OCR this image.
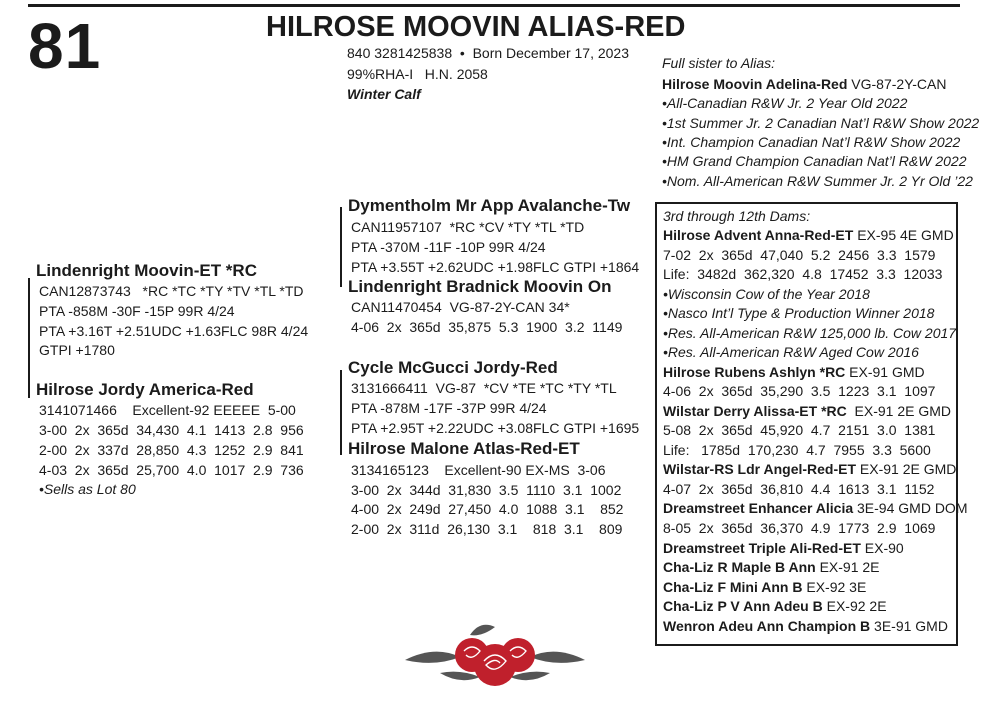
81	HILROSE MOOVIN ALIAS-RED
840 3281425838  •  Born December 17, 2023
99%RHA-I   H.N. 2058
Winter Calf
Full sister to Alias:
Hilrose Moovin Adelina-Red VG-87-2Y-CAN
•All-Canadian R&W Jr. 2 Year Old 2022
•1st Summer Jr. 2 Canadian Nat’l R&W Show 2022
•Int. Champion Canadian Nat’l R&W Show 2022
•HM Grand Champion Canadian Nat’l R&W 2022
•Nom. All-American R&W Summer Jr. 2 Yr Old ’22
Lindenright Moovin-ET *RC
CAN12873743   *RC *TC *TY *TV *TL *TD
PTA -858M -30F -15P 99R 4/24
PTA +3.16T +2.51UDC +1.63FLC 98R 4/24
GTPI +1780
Hilrose Jordy America-Red
3141071466    Excellent-92 EEEEE  5-00
3-00  2x  365d  34,430  4.1  1413  2.8  956
2-00  2x  337d  28,850  4.3  1252  2.9  841
4-03  2x  365d  25,700  4.0  1017  2.9  736
•Sells as Lot 80
Dymentholm Mr App Avalanche-Tw
CAN11957107  *RC *CV *TY *TL *TD
PTA -370M -11F -10P 99R 4/24
PTA +3.55T +2.62UDC +1.98FLC GTPI +1864
Lindenright Bradnick Moovin On
CAN11470454  VG-87-2Y-CAN 34*
4-06  2x  365d  35,875  5.3  1900  3.2  1149
Cycle McGucci Jordy-Red
3131666411  VG-87  *CV *TE *TC *TY *TL
PTA -878M -17F -37P 99R 4/24
PTA +2.95T +2.22UDC +3.08FLC GTPI +1695
Hilrose Malone Atlas-Red-ET
3134165123    Excellent-90 EX-MS  3-06
3-00  2x  344d  31,830  3.5  1110  3.1  1002
4-00  2x  249d  27,450  4.0  1088  3.1    852
2-00  2x  311d  26,130  3.1    818  3.1    809
3rd through 12th Dams:
Hilrose Advent Anna-Red-ET EX-95 4E GMD
7-02  2x  365d  47,040  5.2  2456  3.3  1579
Life:  3482d  362,320  4.8  17452  3.3  12033
•Wisconsin Cow of the Year 2018
•Nasco Int’l Type & Production Winner 2018
•Res. All-American R&W 125,000 lb. Cow 2017
•Res. All-American R&W Aged Cow 2016
Hilrose Rubens Ashlyn *RC EX-91 GMD
4-06  2x  365d  35,290  3.5  1223  3.1  1097
Wilstar Derry Alissa-ET *RC  EX-91 2E GMD
5-08  2x  365d  45,920  4.7  2151  3.0  1381
Life:   1785d  170,230  4.7  7955  3.3  5600
Wilstar-RS Ldr Angel-Red-ET EX-91 2E GMD
4-07  2x  365d  36,810  4.4  1613  3.1  1152
Dreamstreet Enhancer Alicia 3E-94 GMD DOM
8-05  2x  365d  36,370  4.9  1773  2.9  1069
Dreamstreet Triple Ali-Red-ET EX-90
Cha-Liz R Maple B Ann EX-91 2E
Cha-Liz F Mini Ann B EX-92 3E
Cha-Liz P V Ann Adeu B EX-92 2E
Wenron Adeu Ann Champion B 3E-91 GMD
